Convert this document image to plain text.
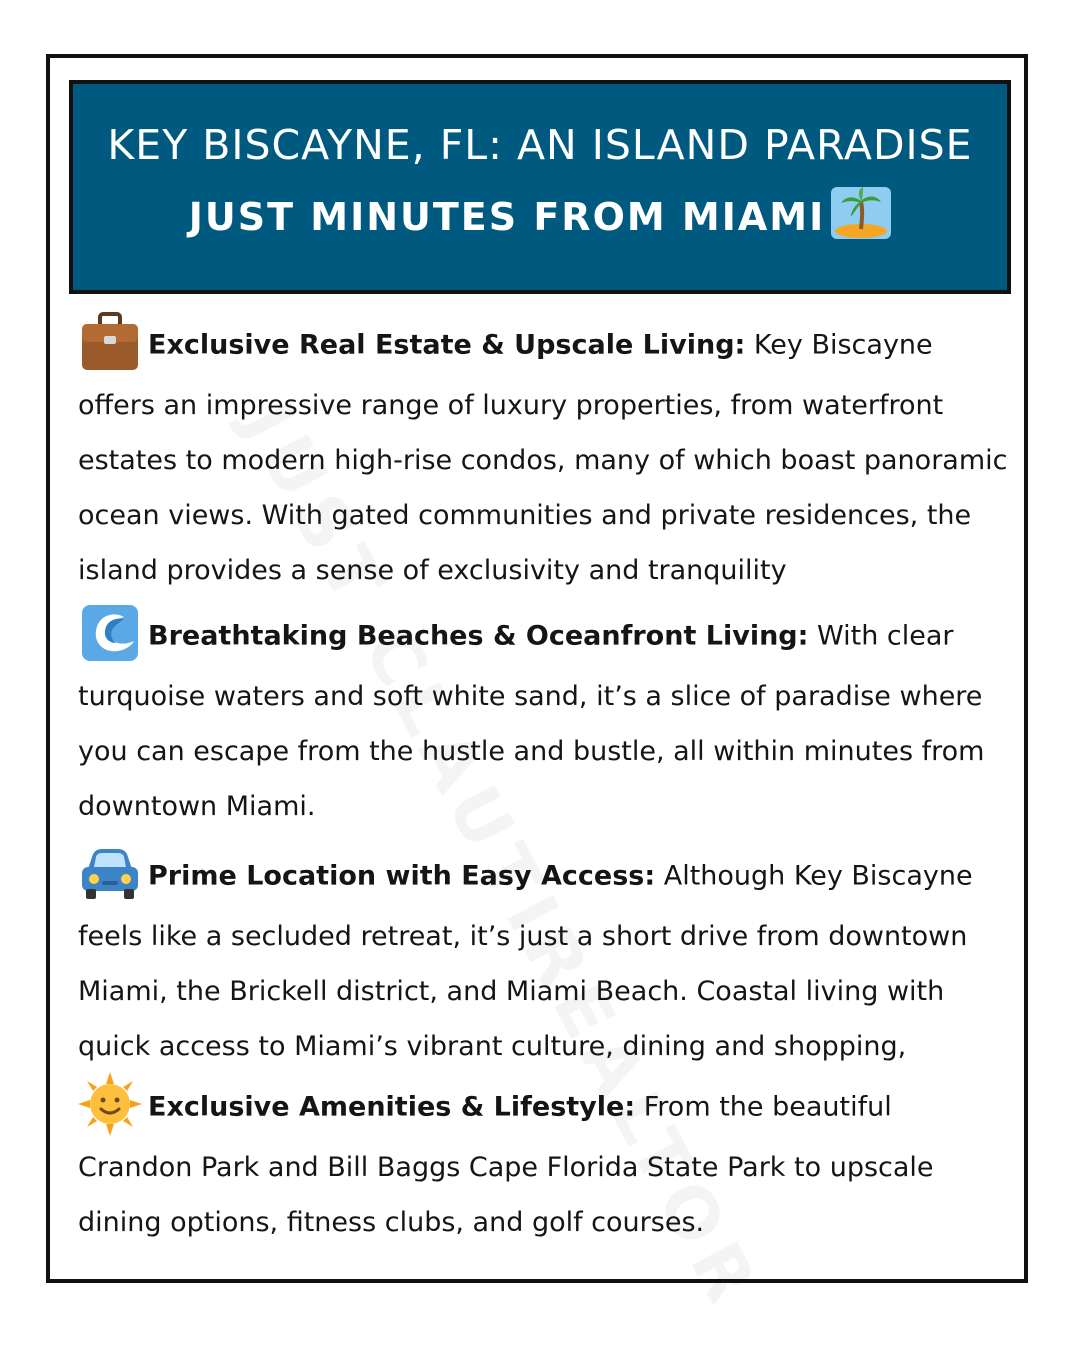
KEY BISCAYNE, FL: AN ISLAND PARADISE
JUST MINUTES FROM MIAMI
Exclusive Real Estate & Upscale Living: Key Biscayne offers an impressive range of luxury properties, from waterfront estates to modern high-rise condos, many of which boast panoramic ocean views. With gated communities and private residences, the island provides a sense of exclusivity and tranquility
Breathtaking Beaches & Oceanfront Living: With clear turquoise waters and soft white sand, it’s a slice of paradise where you can escape from the hustle and bustle, all within minutes from downtown Miami.
Prime Location with Easy Access: Although Key Biscayne feels like a secluded retreat, it’s just a short drive from downtown Miami, the Brickell district, and Miami Beach. Coastal living with quick access to Miami’s vibrant culture, dining and shopping,
Exclusive Amenities & Lifestyle: From the beautiful Crandon Park and Bill Baggs Cape Florida State Park to upscale dining options, fitness clubs, and golf courses.
